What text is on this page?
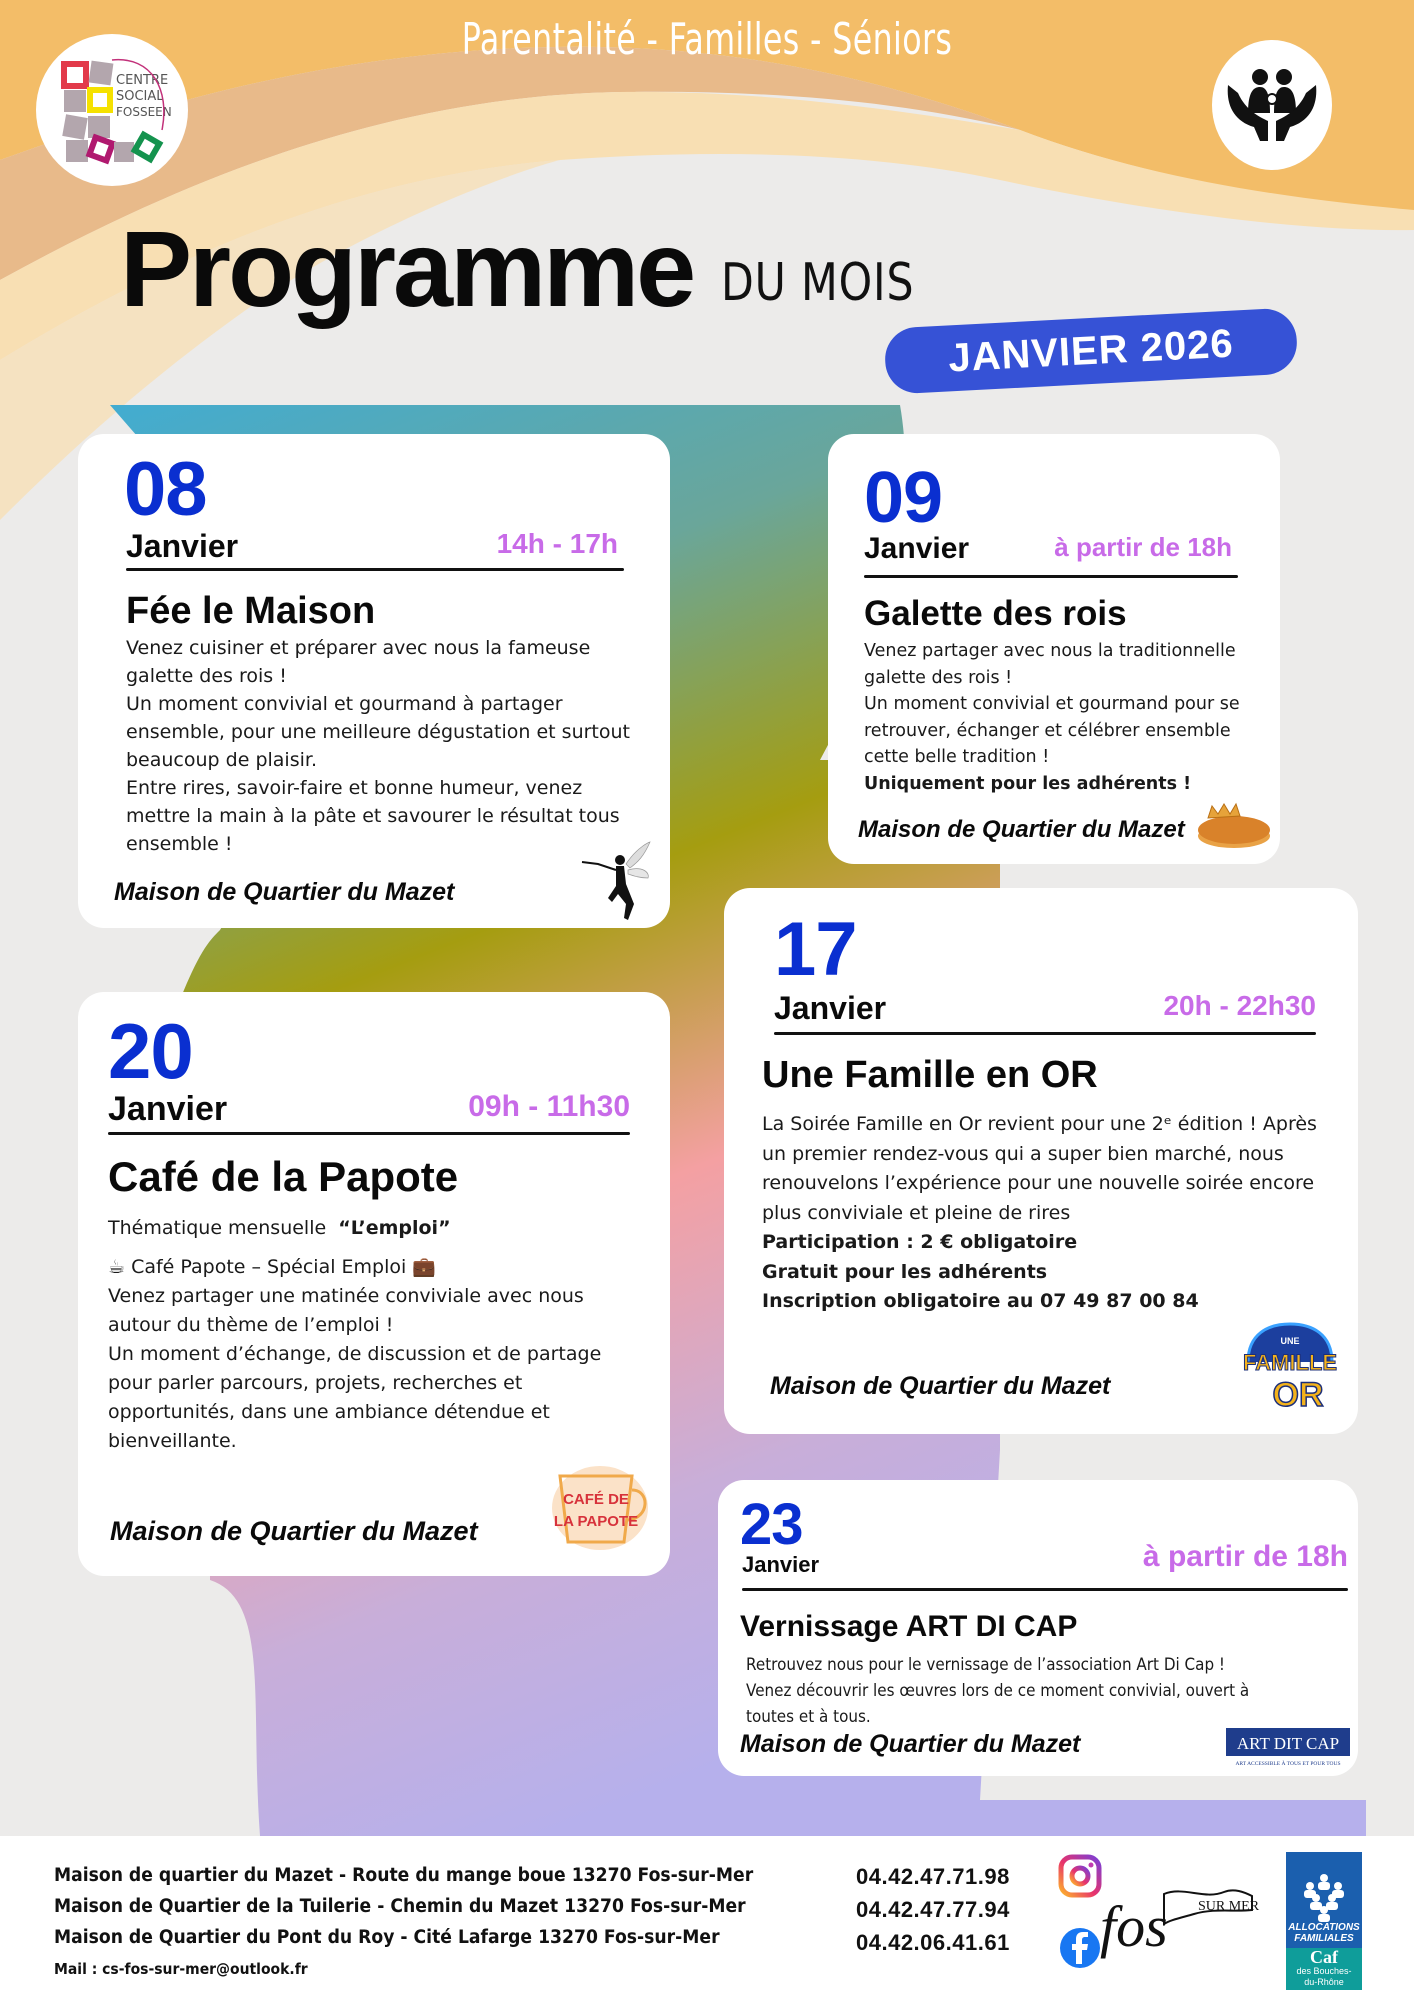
Parentalité - Familles - Séniors
CENTRE
SOCIAL
FOSSEEN
Programme DU MOIS
JANVIER 2026
08
Janvier	14h - 17h
Fée le Maison

Venez cuisiner et préparer avec nous la fameuse galette des rois !

Un moment convivial et gourmand à partager ensemble, pour une meilleure dégustation et surtout beaucoup de plaisir.

Entre rires, savoir-faire et bonne humeur, venez mettre la main à la pâte et savourer le résultat tous ensemble !

Maison de Quartier du Mazet
09
Janvier	à partir de 18h
Galette des rois

Venez partager avec nous la traditionnelle galette des rois !

Un moment convivial et gourmand pour se retrouver, échanger et célébrer ensemble cette belle tradition !

Uniquement pour les adhérents !

Maison de Quartier du Mazet
17
Janvier	20h - 22h30
Une Famille en OR

La Soirée Famille en Or revient pour une 2ᵉ édition ! Après un premier rendez-vous qui a super bien marché, nous renouvelons l’expérience pour une nouvelle soirée encore plus conviviale et pleine de rires

Participation : 2 € obligatoire

Gratuit pour les adhérents

Inscription obligatoire au 07 49 87 00 84

Maison de Quartier du Mazet
UNE
FAMILLE
EN OR
20
Janvier	09h - 11h30
Café de la Papote

Thématique mensuelle “L’emploi”

☕ Café Papote – Spécial Emploi 💼

Venez partager une matinée conviviale avec nous autour du thème de l’emploi !

Un moment d’échange, de discussion et de partage pour parler parcours, projets, recherches et opportunités, dans une ambiance détendue et bienveillante.

Maison de Quartier du Mazet
CAFÉ DE
LA PAPOTE 23
Janvier	à partir de 18h
Vernissage ART DI CAP

Retrouvez nous pour le vernissage de l’association Art Di Cap ! Venez découvrir les œuvres lors de ce moment convivial, ouvert à toutes et à tous.

Maison de Quartier du Mazet	ART DIT CAP
ART ACCESSIBLE À TOUS ET POUR TOUS
Maison de quartier du Mazet - Route du mange boue 13270 Fos-sur-Mer
Maison de Quartier de la Tuilerie - Chemin du Mazet 13270 Fos-sur-Mer
Maison de Quartier du Pont du Roy - Cité Lafarge 13270 Fos-sur-Mer
Mail : cs-fos-sur-mer@outlook.fr
04.42.47.71.98
04.42.47.77.94
04.42.06.41.61 fos SUR MER
ALLOCATIONS
FAMILIALES
Caf
des Bouches-
du-Rhône
